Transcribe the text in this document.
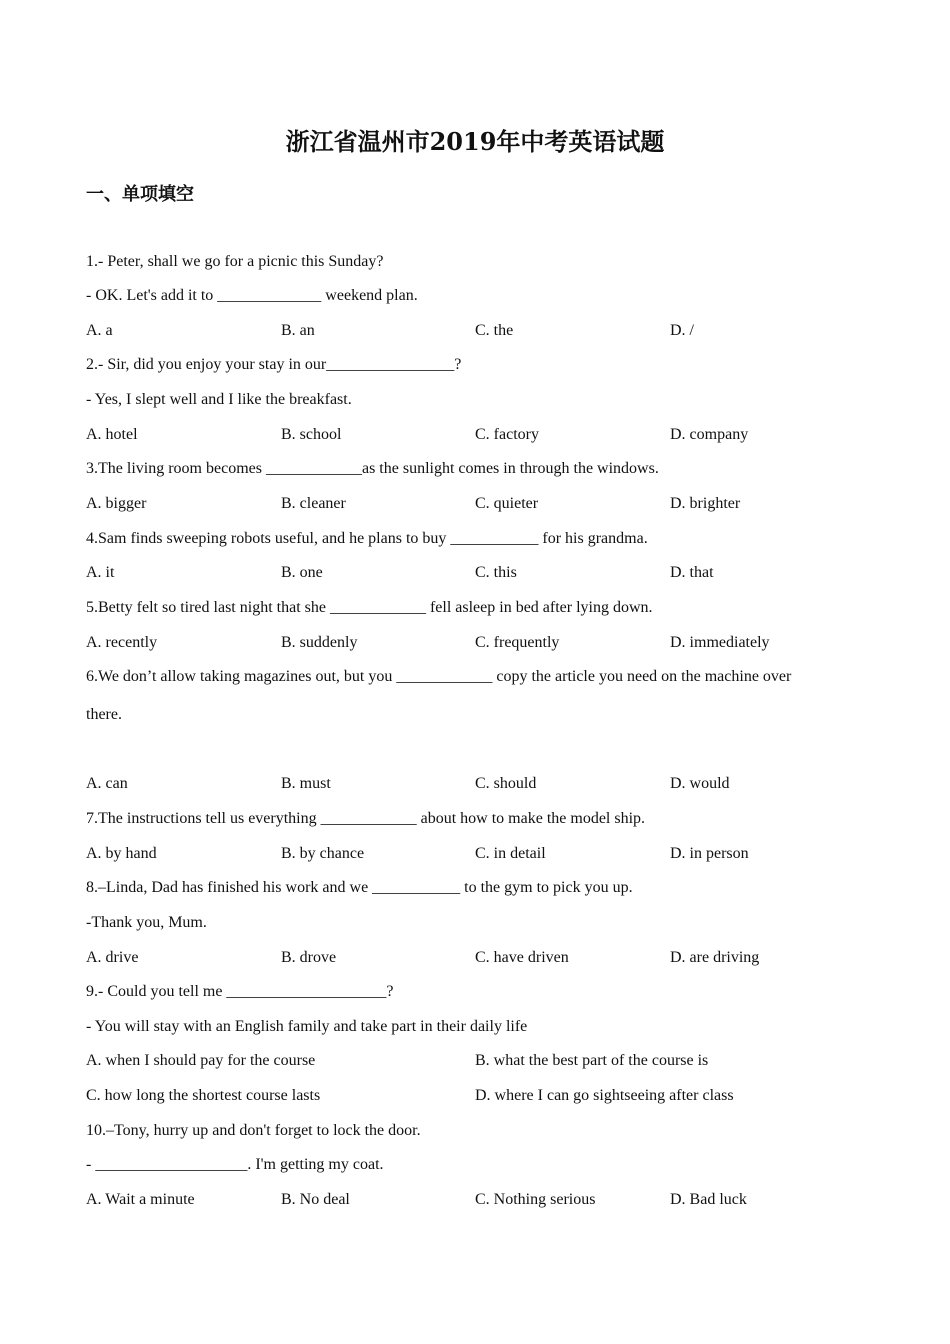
浙江省温州市2019年中考英语试题
一、单项填空
1.- Peter, shall we go for a picnic this Sunday?
- OK. Let's add it to _____________ weekend plan.
A. a	B. an	C. the	D. /
2.- Sir, did you enjoy your stay in our________________?
- Yes, I slept well and I like the breakfast.
A. hotel	B. school	C. factory	D. company
3.The living room becomes ____________as the sunlight comes in through the windows.
A. bigger	B. cleaner	C. quieter	D. brighter
4.Sam finds sweeping robots useful, and he plans to buy ___________ for his grandma.
A. it	B. one	C. this	D. that
5.Betty felt so tired last night that she ____________ fell asleep in bed after lying down.
A. recently	B. suddenly	C. frequently	D. immediately
6.We don’t allow taking magazines out, but you ____________ copy the article you need on the machine over
there.
A. can	B. must	C. should	D. would
7.The instructions tell us everything ____________ about how to make the model ship.
A. by hand	B. by chance	C. in detail	D. in person
8.–Linda, Dad has finished his work and we ___________ to the gym to pick you up.
-Thank you, Mum.
A. drive	B. drove	C. have driven	D. are driving
9.- Could you tell me ____________________?
- You will stay with an English family and take part in their daily life
A. when I should pay for the course	B. what the best part of the course is
C. how long the shortest course lasts	D. where I can go sightseeing after class
10.–Tony, hurry up and don't forget to lock the door.
- ___________________. I'm getting my coat.
A. Wait a minute	B. No deal	C. Nothing serious	D. Bad luck
